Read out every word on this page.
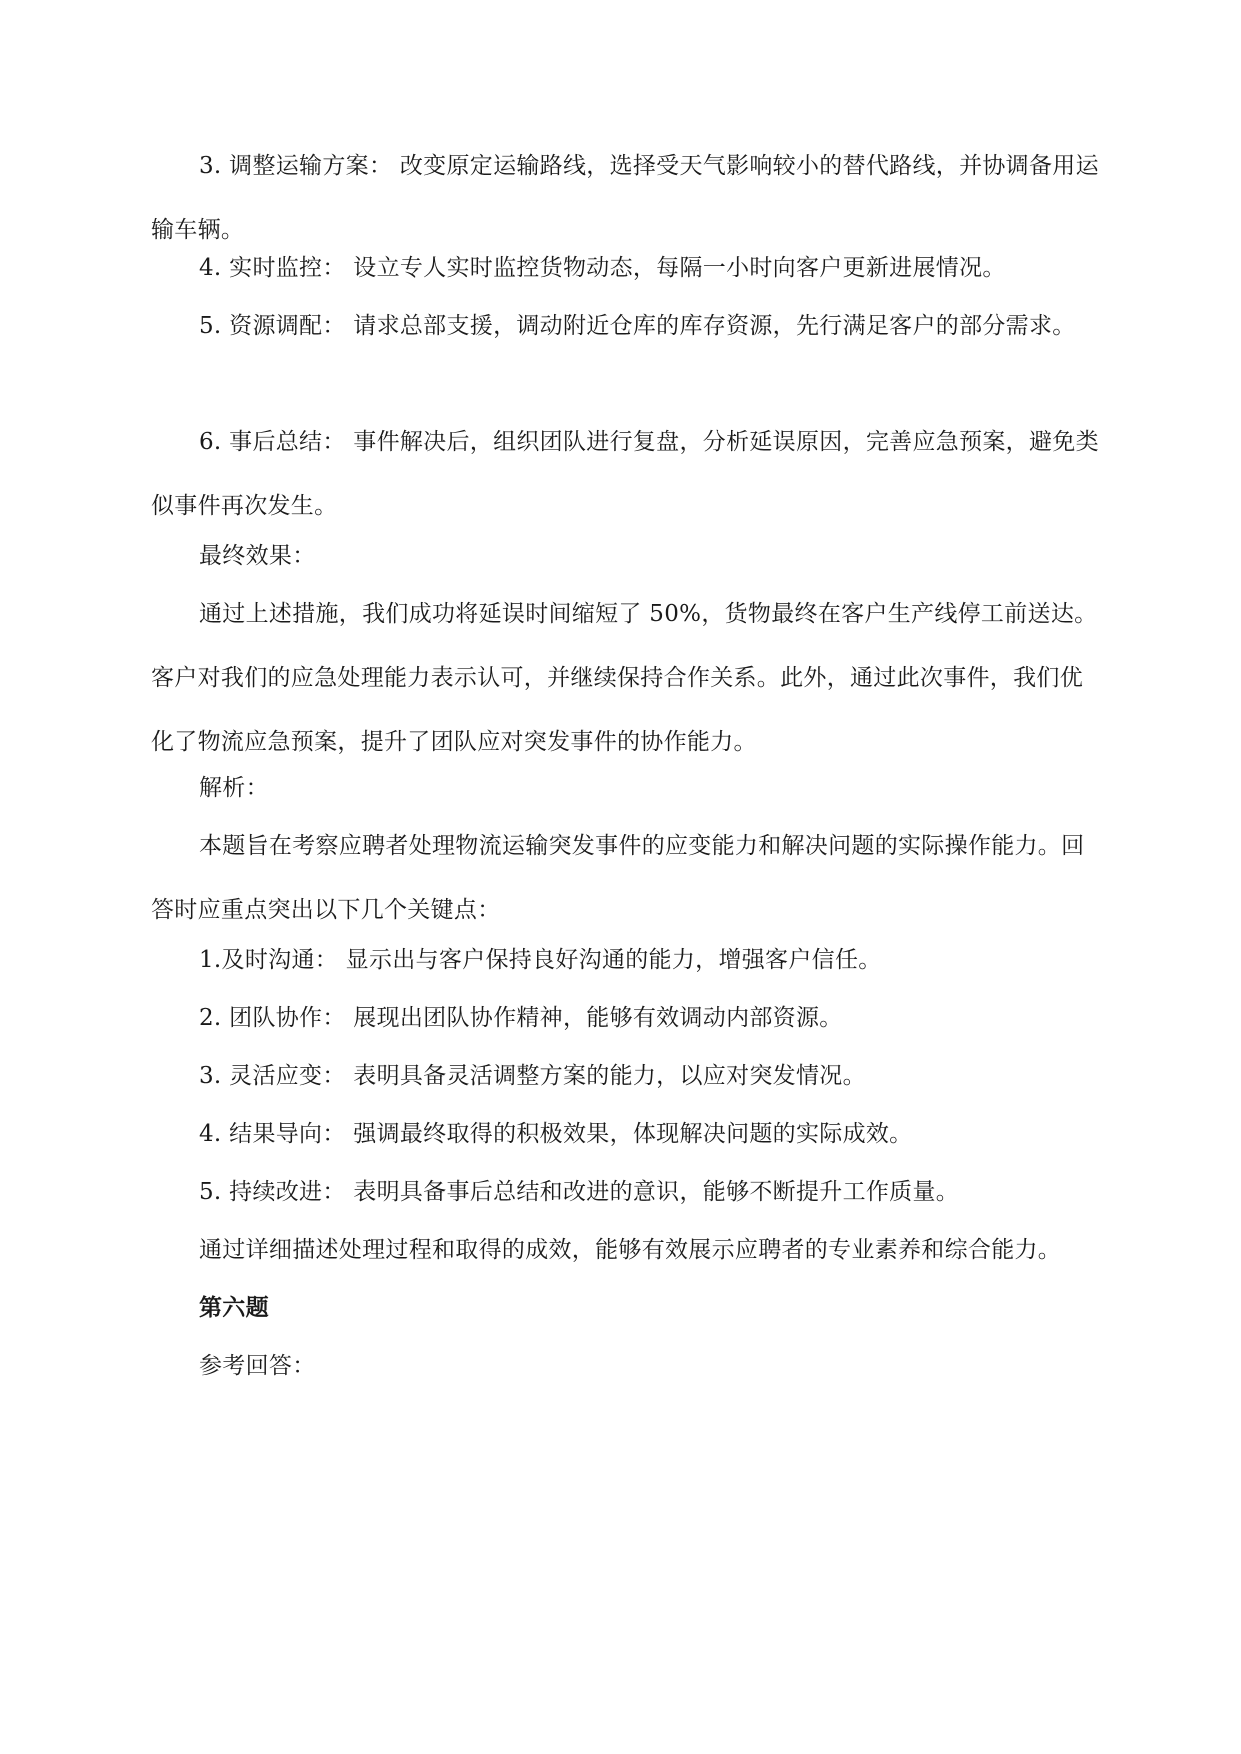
3. 调整运输方案： 改变原定运输路线，选择受天气影响较小的替代路线，并协调备用运输车辆。

4. 实时监控： 设立专人实时监控货物动态，每隔一小时向客户更新进展情况。

5. 资源调配： 请求总部支援，调动附近仓库的库存资源，先行满足客户的部分需求。

6. 事后总结： 事件解决后，组织团队进行复盘，分析延误原因，完善应急预案，避免类似事件再次发生。

最终效果：

通过上述措施，我们成功将延误时间缩短了 50%，货物最终在客户生产线停工前送达。客户对我们的应急处理能力表示认可，并继续保持合作关系。此外，通过此次事件，我们优化了物流应急预案，提升了团队应对突发事件的协作能力。

解析：

本题旨在考察应聘者处理物流运输突发事件的应变能力和解决问题的实际操作能力。回答时应重点突出以下几个关键点：

1.及时沟通： 显示出与客户保持良好沟通的能力，增强客户信任。

2. 团队协作： 展现出团队协作精神，能够有效调动内部资源。

3. 灵活应变： 表明具备灵活调整方案的能力，以应对突发情况。

4. 结果导向： 强调最终取得的积极效果，体现解决问题的实际成效。

5. 持续改进： 表明具备事后总结和改进的意识，能够不断提升工作质量。

通过详细描述处理过程和取得的成效，能够有效展示应聘者的专业素养和综合能力。

第六题

参考回答：
